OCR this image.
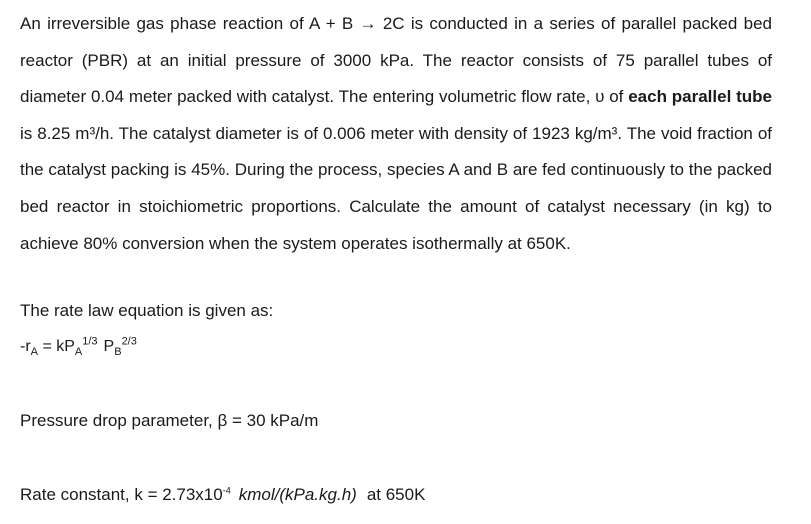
An irreversible gas phase reaction of A + B → 2C is conducted in a series of parallel packed bed reactor (PBR) at an initial pressure of 3000 kPa. The reactor consists of 75 parallel tubes of diameter 0.04 meter packed with catalyst. The entering volumetric flow rate, υ of each parallel tube is 8.25 m³/h. The catalyst diameter is of 0.006 meter with density of 1923 kg/m³. The void fraction of the catalyst packing is 45%. During the process, species A and B are fed continuously to the packed bed reactor in stoichiometric proportions. Calculate the amount of catalyst necessary (in kg) to achieve 80% conversion when the system operates isothermally at 650K.

The rate law equation is given as:

$-r_A = kP_A^{1/3}$ $P_B^{2/3}$

Pressure drop parameter, β = 30 kPa/m

Rate constant, $k = 2.73x10^{-4}$ kmol/(kPa.kg.h) at 650K
